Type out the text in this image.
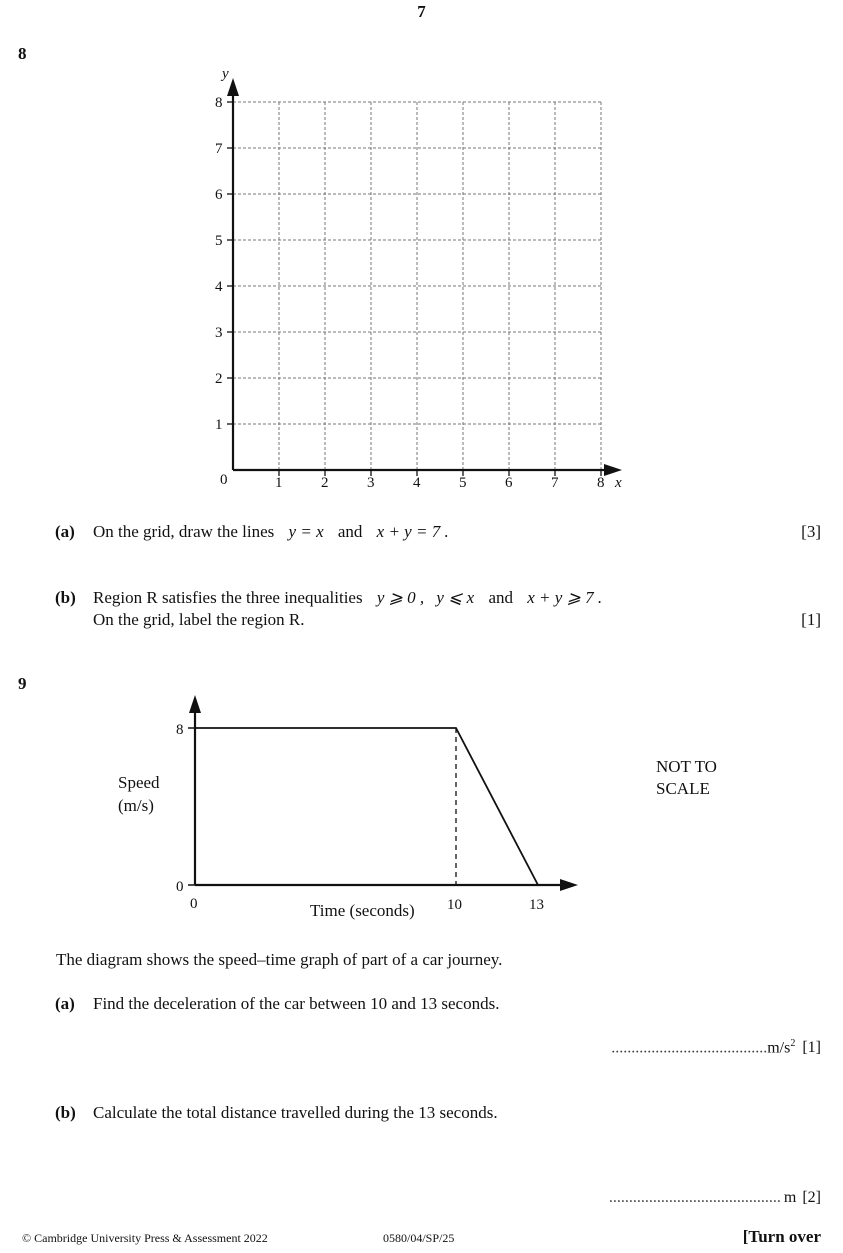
7
8
y
x
0	1	2	3	4	5	6	7	8
1
2
3
4
5
6
7
8
(a) On the grid, draw the lines y = x and x + y = 7 .	[3]
(b) Region R satisfies the three inequalities y ⩾ 0 , y ⩽ x and x + y ⩾ 7 .
On the grid, label the region R.	[1]
9
8
0
0	10	13
Time (seconds)
Speed
(m/s)
NOT TO
SCALE
The diagram shows the speed–time graph of part of a car journey.
(a) Find the deceleration of the car between 10 and 13 seconds.
$.......................................m/s^2$ [1]
(b) Calculate the total distance travelled during the 13 seconds.
........................................... m [2]
© Cambridge University Press & Assessment 2022	0580/04/SP/25	[Turn over
